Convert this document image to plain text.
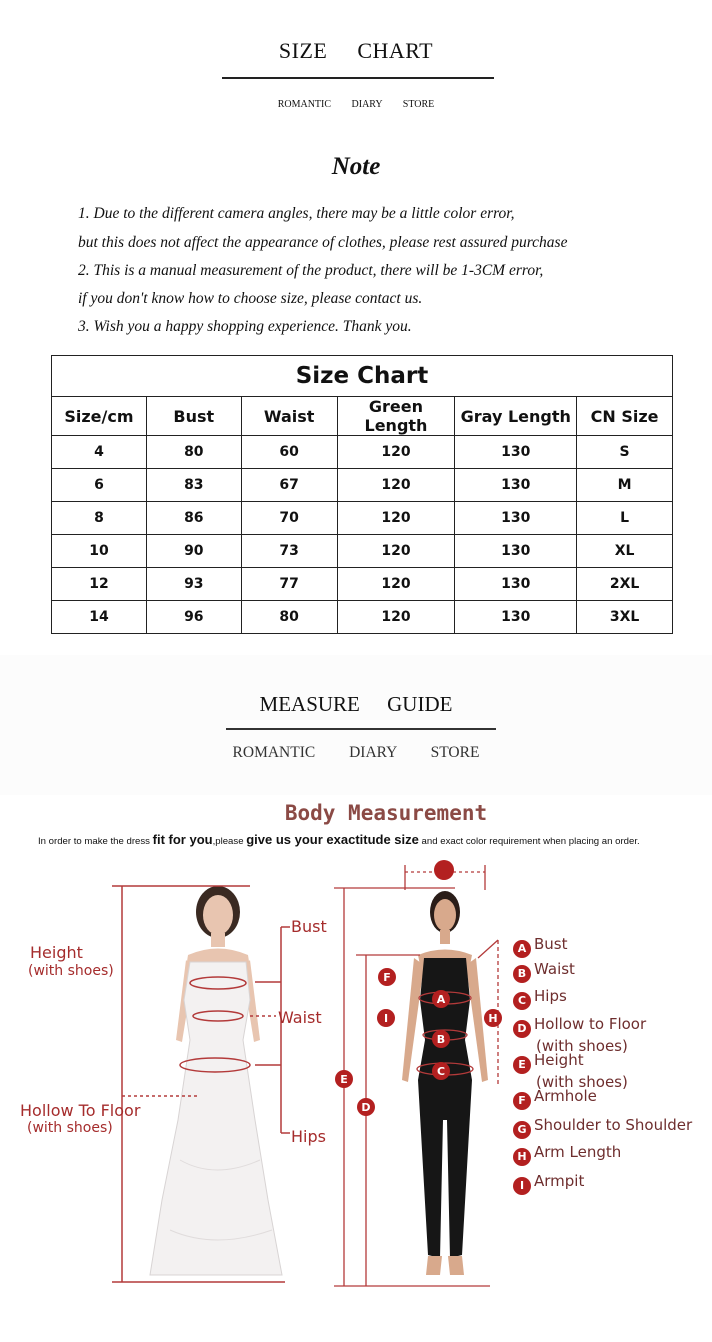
SIZE CHART
ROMANTIC DIARY STORE
Note
1. Due to the different camera angles, there may be a little color error,
but this does not affect the appearance of clothes, please rest assured purchase
2. This is a manual measurement of the product, there will be 1-3CM error,
if you don't know how to choose size, please contact us.
3. Wish you a happy shopping experience. Thank you.
Size Chart					
Size/cm	Bust	Waist	Green Length	Gray Length	CN Size
4	80	60	120	130	S
6	83	67	120	130	M
8	86	70	120	130	L
10	90	73	120	130	XL
12	93	77	120	130	2XL
14	96	80	120	130	3XL
MEASURE GUIDE
ROMANTIC DIARY STORE
Body Measurement
In order to make the dress fit for you,please give us your exactitude size and exact color requirement when placing an order.
A
B
C
D
E
F
H
I
Height
(with shoes)
Hollow To Floor
(with shoes)
Bust
Waist
Hips
A Bust
B Waist
C Hips
D Hollow to Floor
(with shoes)
E Height
(with shoes)
F Armhole
G Shoulder to Shoulder
H Arm Length
I Armpit
